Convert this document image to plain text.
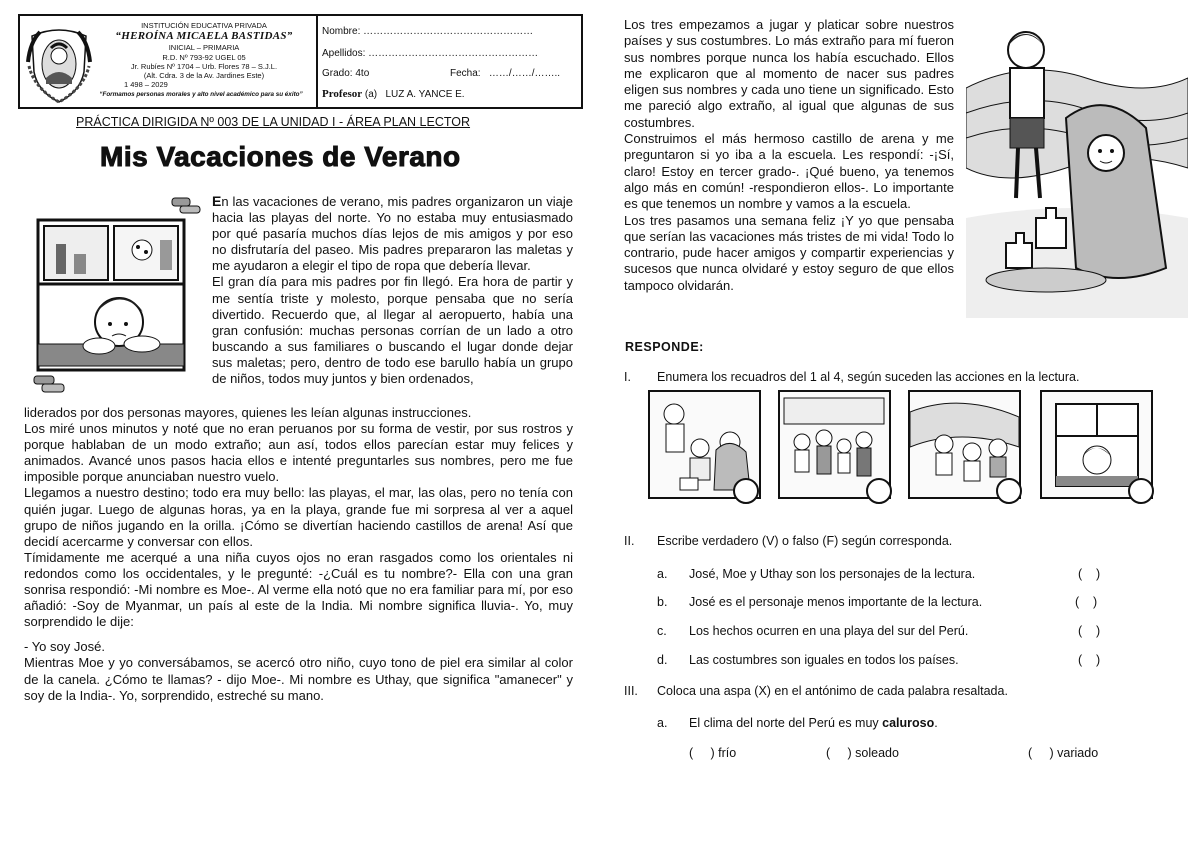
INSTITUCIÓN EDUCATIVA PRIVADA
“HEROÍNA MICAELA BASTIDAS”
INICIAL – PRIMARIA
R.D. Nº 793-92 UGEL 05
Jr. Rubíes Nº 1704 – Urb. Flores 78 – S.J.L.
(Alt. Cdra. 3 de la Av. Jardines Este)
1 498 – 2029
“Formamos personas morales y alto nivel académico para su éxito”
Nombre: ……………………………………………
Apellidos: ……………………………………………
Grado: 4to	Fecha: ……/……/……..
Profesor (a) LUZ A. YANCE E.
PRÁCTICA DIRIGIDA Nº 003 DE LA UNIDAD I - ÁREA PLAN LECTOR
Mis Vacaciones de Verano

En las vacaciones de verano, mis padres organizaron un viaje hacia las playas del norte. Yo no estaba muy entusiasmado por qué pasaría muchos días lejos de mis amigos y por eso no disfrutaría del paseo. Mis padres prepararon las maletas y me ayudaron a elegir el tipo de ropa que debería llevar.

El gran día para mis padres por fin llegó. Era hora de partir y me sentía triste y molesto, porque pensaba que no sería divertido. Recuerdo que, al llegar al aeropuerto, había una gran confusión: muchas personas corrían de un lado a otro buscando a sus familiares o buscando el lugar donde dejar sus maletas; pero, dentro de todo ese barullo había un grupo de niños, todos muy juntos y bien ordenados,

liderados por dos personas mayores, quienes les leían algunas instrucciones.

Los miré unos minutos y noté que no eran peruanos por su forma de vestir, por sus rostros y porque hablaban de un modo extraño; aun así, todos ellos parecían estar muy felices y animados. Avancé unos pasos hacia ellos e intenté preguntarles sus nombres, pero me fue imposible porque anunciaban nuestro vuelo.

Llegamos a nuestro destino; todo era muy bello: las playas, el mar, las olas, pero no tenía con quién jugar. Luego de algunas horas, ya en la playa, grande fue mi sorpresa al ver a aquel grupo de niños jugando en la orilla. ¡Cómo se divertían haciendo castillos de arena! Así que decidí acercarme y conversar con ellos.

Tímidamente me acerqué a una niña cuyos ojos no eran rasgados como los orientales ni redondos como los occidentales, y le pregunté: -¿Cuál es tu nombre?- Ella con una gran sonrisa respondió: -Mi nombre es Moe-. Al verme ella notó que no era familiar para mí, por eso añadió: -Soy de Myanmar, un país al este de la India. Mi nombre significa lluvia-. Yo, muy sorprendido le dije:

- Yo soy José.

Mientras Moe y yo conversábamos, se acercó otro niño, cuyo tono de piel era similar al color de la canela. ¿Cómo te llamas? - dijo Moe-. Mi nombre es Uthay, que significa "amanecer" y soy de la India-. Yo, sorprendido, estreché su mano.

Los tres empezamos a jugar y platicar sobre nuestros países y sus costumbres. Lo más extraño para mí fueron sus nombres porque nunca los había escuchado. Ellos me explicaron que al momento de nacer sus padres eligen sus nombres y cada uno tiene un significado. Esto me pareció algo extraño, al igual que algunas de sus costumbres.

Construimos el más hermoso castillo de arena y me preguntaron si yo iba a la escuela. Les respondí: -¡Sí, claro! Estoy en tercer grado-. ¡Qué bueno, ya tenemos algo más en común! -respondieron ellos-. Lo importante es que tenemos un nombre y vamos a la escuela.

Los tres pasamos una semana feliz ¡Y yo que pensaba que serían las vacaciones más tristes de mi vida! Todo lo contrario, pude hacer amigos y compartir experiencias y sucesos que nunca olvidaré y estoy seguro de que ellos tampoco olvidarán.

RESPONDE:
I. Enumera los recuadros del 1 al 4, según suceden las acciones en la lectura.
II. Escribe verdadero (V) o falso (F) según corresponda.
a. José, Moe y Uthay son los personajes de la lectura.	(    )
b. José es el personaje menos importante de la lectura.	(    )
c. Los hechos ocurren en una playa del sur del Perú.	(    )
d. Las costumbres son iguales en todos los países.	(    )
III. Coloca una aspa (X) en el antónimo de cada palabra resaltada.
a. El clima del norte del Perú es muy caluroso.
(     ) frío	(     ) soleado	(     ) variado
